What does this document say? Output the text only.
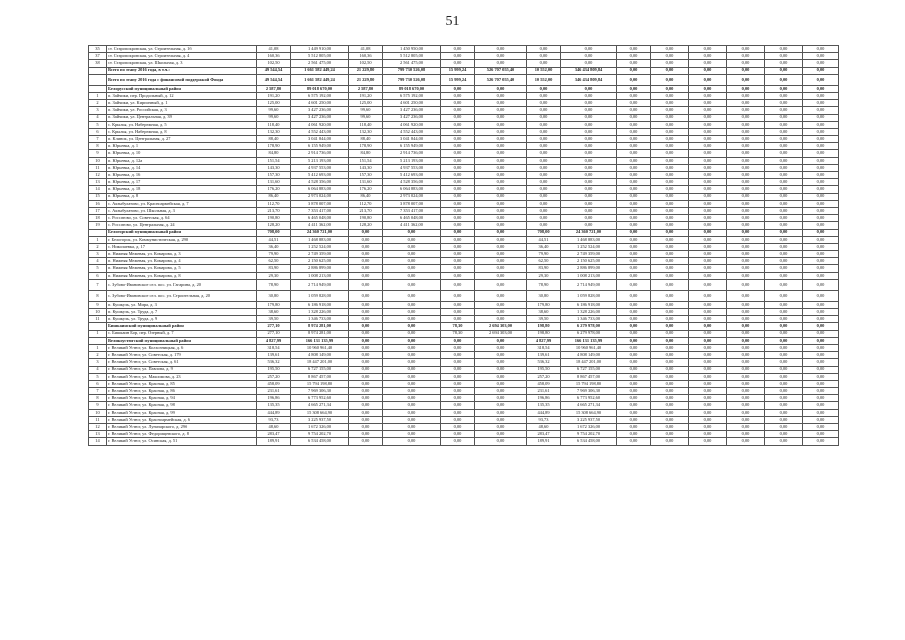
51
35	ст. Старопокровская, ул. Строительная, д. 1б	41,08	1 449 910,00	41,08	1 450 950,00	0,00	0,00	0,00	0,00	0,00	0,00	0,00	0,00	0,00	0,00
37	ст. Старопокровская, ул. Строительная, д. 4	160,36	5 512 805,00	160,36	5 512 805,00	0,00	0,00	0,00	0,00	0,00	0,00	0,00	0,00	0,00	0,00
38	ст. Старопокровская, ул. Школьная, д. 3	102,50	2 561 475,00	102,50	2 561 475,00	0,00	0,00	0,00	0,00	0,00	0,00	0,00	0,00	0,00	0,00
	Всего по этапу 2016 года, в т.ч.:	49 544,54	1 661 582 449,24	21 229,80	799 730 526,08	15 999,24	526 707 055,40	10 552,00	346 434 809,84	0,00	0,00	0,00	0,00	0,00	0,00
	Всего по этапу 2016 года с финансовой поддержкой Фонда	49 544,54	1 661 582 449,24	21 229,80	799 730 526,08	15 999,24	526 707 055,40	10 552,00	346 434 809,84	0,00	0,00	0,00	0,00	0,00	0,00
	Белорусский муниципальный район	2 587,80	89 018 670,00	2 587,80	89 018 670,00	0,00	0,00	0,00	0,00	0,00	0,00	0,00	0,00	0,00	0,00
1	п. Зайчики, пер. Продольный, д. 12	191,20	6 575 192,00	191,20	6 575 192,00	0,00	0,00	0,00	0,00	0,00	0,00	0,00	0,00	0,00	0,00
2	п. Зайчики, ул. Кирпичный, д. 1	125,00	4 601 250,00	125,00	4 601 250,00	0,00	0,00	0,00	0,00	0,00	0,00	0,00	0,00	0,00	0,00
3	п. Зайчики, ул. Российская, д. 3	99,60	3 427 236,00	99,60	3 427 236,00	0,00	0,00	0,00	0,00	0,00	0,00	0,00	0,00	0,00	0,00
4	п. Зайчики, ул. Центральная, д. 39	99,60	3 427 236,00	99,60	3 427 236,00	0,00	0,00	0,00	0,00	0,00	0,00	0,00	0,00	0,00	0,00
5	с. Крылья, ул. Набережная, д. 5	118,40	4 061 920,00	118,40	4 061 920,00	0,00	0,00	0,00	0,00	0,00	0,00	0,00	0,00	0,00	0,00
6	с. Крылья, ул. Набережная, д. 8	132,30	4 552 443,00	132,30	4 552 443,00	0,00	0,00	0,00	0,00	0,00	0,00	0,00	0,00	0,00	0,00
7	п. Клинок, ул. Центральная, д. 27	88,40	3 041 844,00	88,40	3 041 844,00	0,00	0,00	0,00	0,00	0,00	0,00	0,00	0,00	0,00	0,00
8	п. Юрьевка, д. 1	178,90	6 155 949,00	178,90	6 155 949,00	0,00	0,00	0,00	0,00	0,00	0,00	0,00	0,00	0,00	0,00
9	п. Юрьевка, д. 10	84,80	2 914 736,00	84,80	2 914 736,00	0,00	0,00	0,00	0,00	0,00	0,00	0,00	0,00	0,00	0,00
10	п. Юрьевка, д. 12а	151,54	5 213 193,00	151,54	5 213 193,00	0,00	0,00	0,00	0,00	0,00	0,00	0,00	0,00	0,00	0,00
11	п. Юрьевка, д. 14	143,30	4 937 553,00	143,30	4 937 553,00	0,00	0,00	0,00	0,00	0,00	0,00	0,00	0,00	0,00	0,00
12	п. Юрьевка, д. 16	157,30	5 412 693,00	157,30	5 412 693,00	0,00	0,00	0,00	0,00	0,00	0,00	0,00	0,00	0,00	0,00
13	п. Юрьевка, д. 17	131,60	4 528 356,00	131,60	4 528 356,00	0,00	0,00	0,00	0,00	0,00	0,00	0,00	0,00	0,00	0,00
14	п. Юрьевка, д. 18	176,20	6 064 883,00	176,20	6 064 883,00	0,00	0,00	0,00	0,00	0,00	0,00	0,00	0,00	0,00	0,00
15	п. Юрьевка, д. 8	86,40	2 973 024,00	86,40	2 973 024,00	0,00	0,00	0,00	0,00	0,00	0,00	0,00	0,00	0,00	0,00
16	с. Акзыбулатово, ул. Красноармейская, д. 7	112,70	3 878 007,00	112,70	3 878 007,00	0,00	0,00	0,00	0,00	0,00	0,00	0,00	0,00	0,00	0,00
17	с. Акзыбулатово, ул. Школьная, д. 3	213,70	7 353 417,00	213,70	7 353 417,00	0,00	0,00	0,00	0,00	0,00	0,00	0,00	0,00	0,00	0,00
18	с. Россатово, ул. Советская, д. 64	190,80	6 465 048,00	190,80	6 465 048,00	0,00	0,00	0,00	0,00	0,00	0,00	0,00	0,00	0,00	0,00
19	с. Россатово, ул. Центральная, д. 24	128,20	4 411 362,00	128,20	4 411 362,00	0,00	0,00	0,00	0,00	0,00	0,00	0,00	0,00	0,00	0,00
	Белогорский муниципальный район	708,00	24 360 721,00	0,00	0,00	0,00	0,00	708,00	24 360 721,00	0,00	0,00	0,00	0,00	0,00	0,00
1	г. Белогорск, ул. Коммунистическая, д. 290	44,51	1 468 883,00	0,00	0,00	0,00	0,00	44,51	1 468 883,00	0,00	0,00	0,00	0,00	0,00	0,00
2	с. Николаевка, д. 17	36,40	1 252 524,00	0,00	0,00	0,00	0,00	36,40	1 252 524,00	0,00	0,00	0,00	0,00	0,00	0,00
3	п. Нижняя Межевая, ул. Комарова, д. 3	79,90	2 749 359,00	0,00	0,00	0,00	0,00	79,90	2 749 359,00	0,00	0,00	0,00	0,00	0,00	0,00
4	п. Нижняя Межевая, ул. Комарова, д. 4	62,50	2 150 625,00	0,00	0,00	0,00	0,00	62,50	2 150 625,00	0,00	0,00	0,00	0,00	0,00	0,00
5	п. Нижняя Межевая, ул. Комарова, д. 5	83,90	2 886 899,00	0,00	0,00	0,00	0,00	83,90	2 886 899,00	0,00	0,00	0,00	0,00	0,00	0,00
6	п. Нижняя Межевая, ул. Комарова, д. 8	29,30	1 008 213,00	0,00	0,00	0,00	0,00	29,30	1 008 213,00	0,00	0,00	0,00	0,00	0,00	0,00
7	с. Зубово-Ивановское сел. пос. ул. Гагарина, д. 20	78,90	2 714 949,00	0,00	0,00	0,00	0,00	78,90	2 714 949,00	0,00	0,00	0,00	0,00	0,00	0,00
8	с. Зубово-Ивановское сел. пос. ул. Строительная, д. 20	30,80	1 059 828,00	0,00	0,00	0,00	0,00	30,80	1 059 828,00	0,00	0,00	0,00	0,00	0,00	0,00
9	п. Кушкуль, ул. Мира, д. 3	179,80	6 186 918,00	0,00	0,00	0,00	0,00	179,80	6 186 918,00	0,00	0,00	0,00	0,00	0,00	0,00
10	п. Кушкуль, ул. Труда, д. 7	38,60	1 328 226,00	0,00	0,00	0,00	0,00	38,60	1 328 226,00	0,00	0,00	0,00	0,00	0,00	0,00
11	п. Кушкуль, ул. Труда, д. 9	39,50	1 346 733,00	0,00	0,00	0,00	0,00	39,50	1 346 733,00	0,00	0,00	0,00	0,00	0,00	0,00
	Бишкаинский муниципальный район	277,10	8 974 281,00	0,00	0,00	78,30	2 694 303,00	198,80	6 279 978,00	0,00	0,00	0,00	0,00	0,00	0,00
1	с. Бишкаин Бор, пер. Озерный, д. 7	277,10	8 974 281,00	0,00	0,00	78,30	2 694 303,00	198,80	6 279 978,00	0,00	0,00	0,00	0,00	0,00	0,00
	Великоустюгский муниципальный район	4 827,99	166 131 135,99	0,00	0,00	0,00	0,00	4 827,99	166 131 135,99	0,00	0,00	0,00	0,00	0,00	0,00
1	г. Великий Устюг, ул. Колхозницкая, д. 6	318,54	10 960 961,40	0,00	0,00	0,00	0,00	318,54	10 960 961,40	0,00	0,00	0,00	0,00	0,00	0,00
2	г. Великий Устюг, ул. Советская, д. 179	139,61	4 808 149,00	0,00	0,00	0,00	0,00	139,61	4 808 149,00	0,00	0,00	0,00	0,00	0,00	0,00
3	г. Великий Устюг, ул. Советская, д. 61	536,32	18 447 201,00	0,00	0,00	0,00	0,00	536,32	18 447 201,00	0,00	0,00	0,00	0,00	0,00	0,00
4	г. Великий Устюг, ул. Павлова, д. 9	195,50	6 727 155,00	0,00	0,00	0,00	0,00	195,50	6 727 155,00	0,00	0,00	0,00	0,00	0,00	0,00
5	г. Великий Устюг, ул. Максимова, д. 23	257,20	8 867 457,00	0,00	0,00	0,00	0,00	257,20	8 867 457,00	0,00	0,00	0,00	0,00	0,00	0,00
6	г. Великий Устюг, ул. Красная, д. 85	458,09	15 794 198,80	0,00	0,00	0,00	0,00	458,09	15 794 198,80	0,00	0,00	0,00	0,00	0,00	0,00
7	г. Великий Устюг, ул. Красная, д. 86	231,61	7 969 306,30	0,00	0,00	0,00	0,00	231,61	7 969 306,30	0,00	0,00	0,00	0,00	0,00	0,00
8	г. Великий Устюг, ул. Красная, д. 94	196,86	6 773 952,60	0,00	0,00	0,00	0,00	196,86	6 773 952,60	0,00	0,00	0,00	0,00	0,00	0,00
9	г. Великий Устюг, ул. Красная, д. 98	135,35	4 665 271,34	0,00	0,00	0,00	0,00	135,35	4 665 271,34	0,00	0,00	0,00	0,00	0,00	0,00
10	г. Великий Устюг, ул. Красная, д. 99	444,89	15 308 664,90	0,00	0,00	0,00	0,00	444,89	15 308 664,90	0,00	0,00	0,00	0,00	0,00	0,00
11	г. Великий Устюг, ул. Красноармейская, д. 6	93,73	3 225 937,50	0,00	0,00	0,00	0,00	93,73	3 225 937,50	0,00	0,00	0,00	0,00	0,00	0,00
12	г. Великий Устюг, ул. Луначарского, д. 29б	48,60	1 672 326,00	0,00	0,00	0,00	0,00	48,60	1 672 326,00	0,00	0,00	0,00	0,00	0,00	0,00
13	г. Великий Устюг, ул. Федорищевского, д. 8	283,47	9 754 202,70	0,00	0,00	0,00	0,00	283,47	9 754 202,70	0,00	0,00	0,00	0,00	0,00	0,00
14	г. Великий Устюг, ул. Осинская, д. 51	189,91	6 534 458,00	0,00	0,00	0,00	0,00	189,91	6 534 458,00	0,00	0,00	0,00	0,00	0,00	0,00
